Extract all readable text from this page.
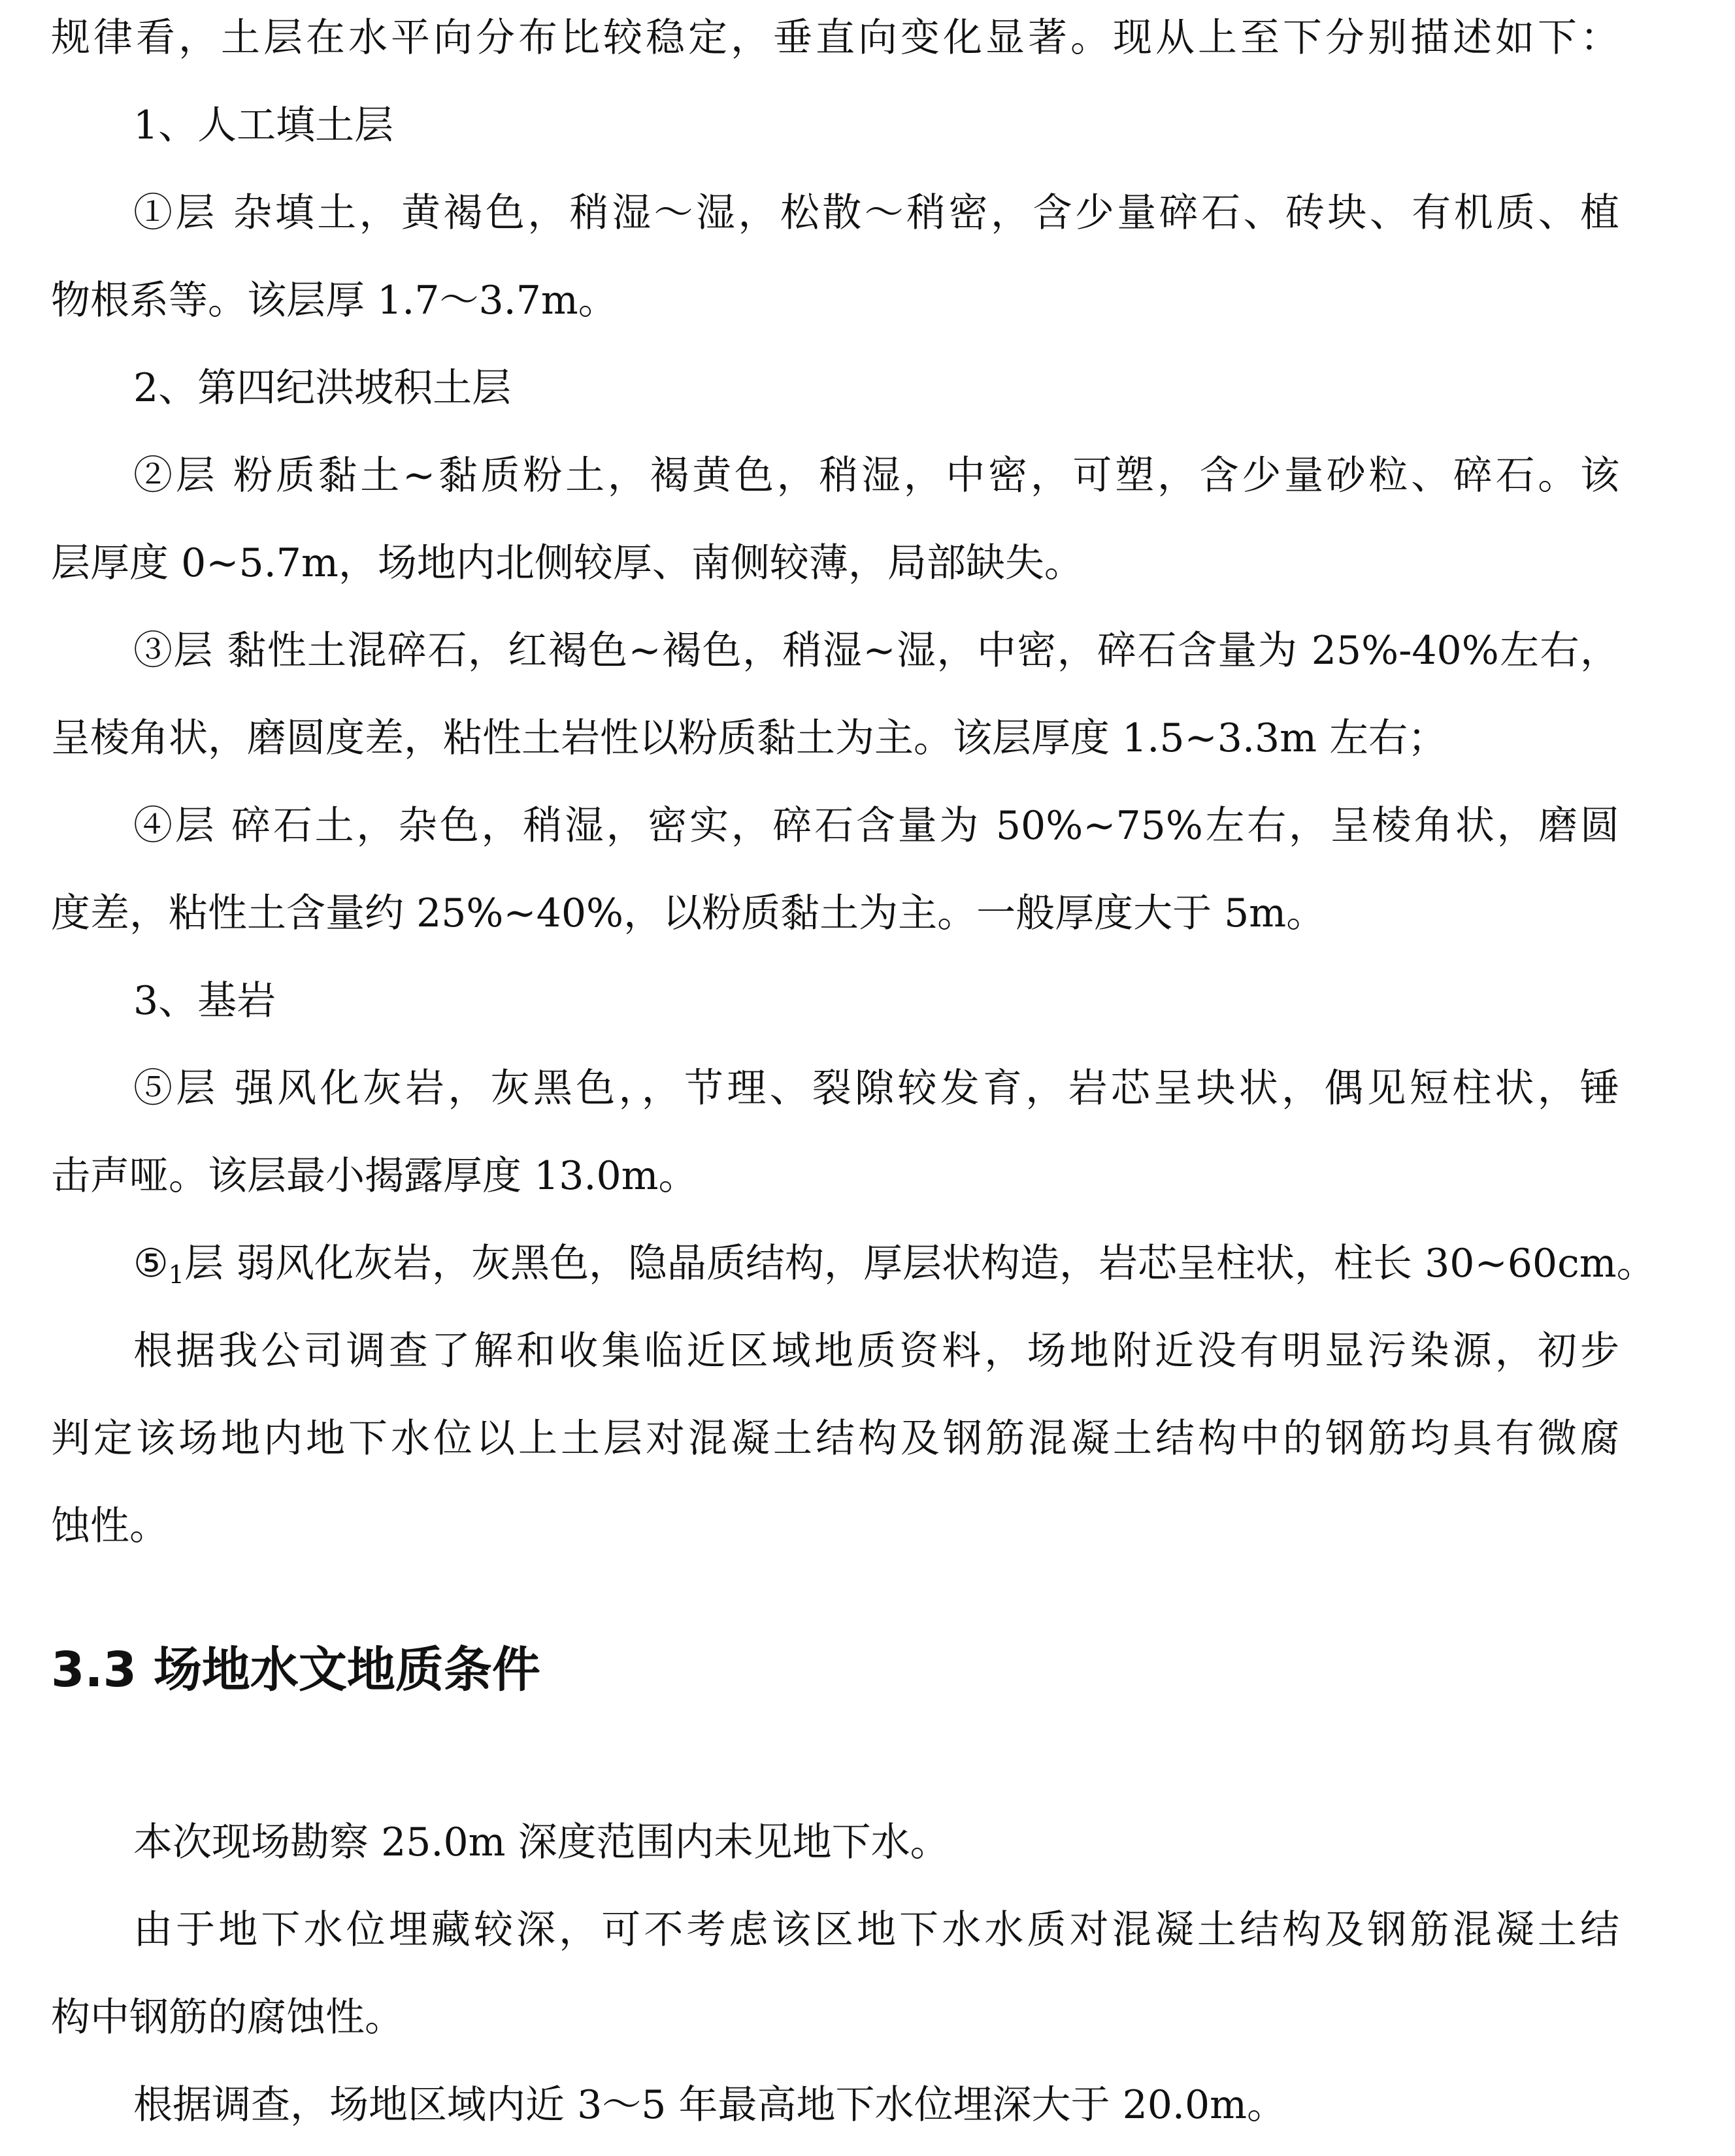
规律看，土层在水平向分布比较稳定，垂直向变化显著。现从上至下分别描述如下：
1、人工填土层
①层 杂填土，黄褐色，稍湿～湿，松散～稍密，含少量碎石、砖块、有机质、植
物根系等。该层厚 1.7～3.7m。
2、第四纪洪坡积土层
②层 粉质黏土~黏质粉土，褐黄色，稍湿，中密，可塑，含少量砂粒、碎石。该
层厚度 0~5.7m，场地内北侧较厚、南侧较薄，局部缺失。
③层 黏性土混碎石，红褐色~褐色，稍湿~湿，中密，碎石含量为 25%-40%左右，
呈棱角状，磨圆度差，粘性土岩性以粉质黏土为主。该层厚度 1.5~3.3m 左右；
④层 碎石土，杂色，稍湿，密实，碎石含量为 50%~75%左右，呈棱角状，磨圆
度差，粘性土含量约 25%~40%，以粉质黏土为主。一般厚度大于 5m。
3、基岩
⑤层 强风化灰岩，灰黑色，，节理、裂隙较发育，岩芯呈块状，偶见短柱状，锤
击声哑。该层最小揭露厚度 13.0m。
$⑤_1$层 弱风化灰岩，灰黑色，隐晶质结构，厚层状构造，岩芯呈柱状，柱长 30~60cm。
根据我公司调查了解和收集临近区域地质资料，场地附近没有明显污染源，初步
判定该场地内地下水位以上土层对混凝土结构及钢筋混凝土结构中的钢筋均具有微腐
蚀性。
3.3 场地水文地质条件
本次现场勘察 25.0m 深度范围内未见地下水。
由于地下水位埋藏较深，可不考虑该区地下水水质对混凝土结构及钢筋混凝土结
构中钢筋的腐蚀性。
根据调查，场地区域内近 3～5 年最高地下水位埋深大于 20.0m。
